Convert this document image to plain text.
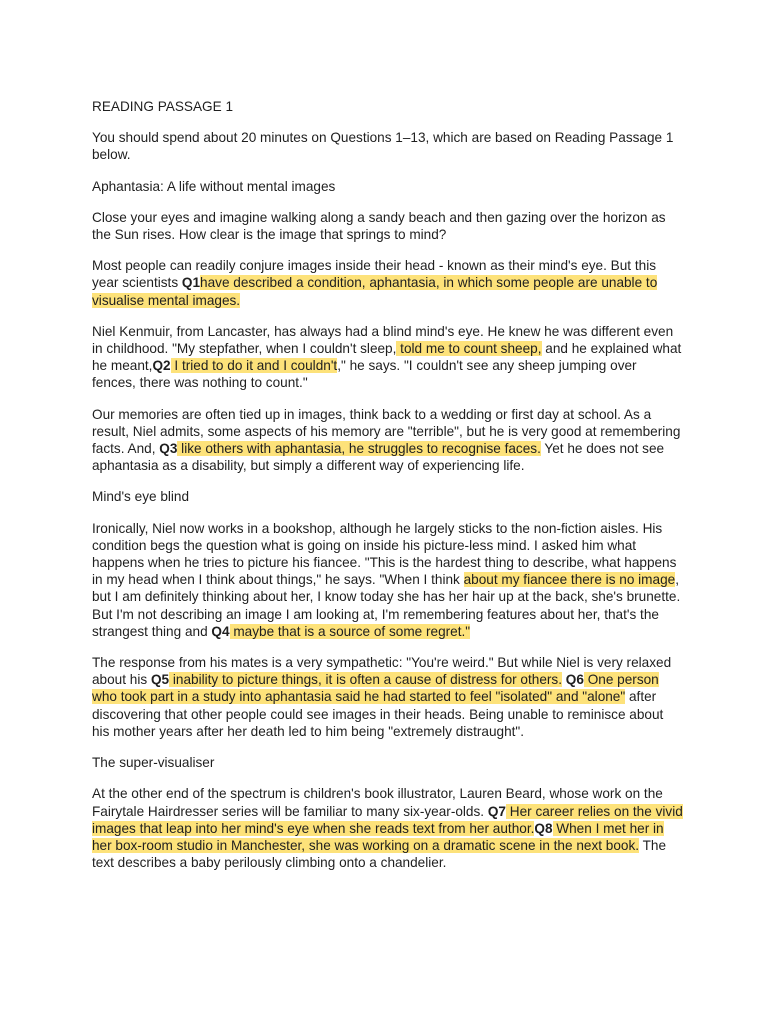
READING PASSAGE 1

You should spend about 20 minutes on Questions 1–13, which are based on Reading Passage 1 below.

Aphantasia: A life without mental images

Close your eyes and imagine walking along a sandy beach and then gazing over the horizon as the Sun rises. How clear is the image that springs to mind?

Most people can readily conjure images inside their head - known as their mind's eye. But this year scientists Q1have described a condition, aphantasia, in which some people are unable to visualise mental images.

Niel Kenmuir, from Lancaster, has always had a blind mind's eye. He knew he was different even in childhood. "My stepfather, when I couldn't sleep, told me to count sheep, and he explained what he meant,Q2 I tried to do it and I couldn't," he says. "I couldn't see any sheep jumping over fences, there was nothing to count."

Our memories are often tied up in images, think back to a wedding or first day at school. As a result, Niel admits, some aspects of his memory are "terrible", but he is very good at remembering facts. And, Q3 like others with aphantasia, he struggles to recognise faces. Yet he does not see aphantasia as a disability, but simply a different way of experiencing life.

Mind's eye blind

Ironically, Niel now works in a bookshop, although he largely sticks to the non-fiction aisles. His condition begs the question what is going on inside his picture-less mind. I asked him what happens when he tries to picture his fiancee. "This is the hardest thing to describe, what happens in my head when I think about things," he says. "When I think about my fiancee there is no image, but I am definitely thinking about her, I know today she has her hair up at the back, she's brunette. But I'm not describing an image I am looking at, I'm remembering features about her, that's the strangest thing and Q4 maybe that is a source of some regret."

The response from his mates is a very sympathetic: "You're weird." But while Niel is very relaxed about his Q5 inability to picture things, it is often a cause of distress for others. Q6 One person who took part in a study into aphantasia said he had started to feel "isolated" and "alone" after discovering that other people could see images in their heads. Being unable to reminisce about his mother years after her death led to him being "extremely distraught".

The super-visualiser

At the other end of the spectrum is children's book illustrator, Lauren Beard, whose work on the Fairytale Hairdresser series will be familiar to many six-year-olds. Q7 Her career relies on the vivid images that leap into her mind's eye when she reads text from her author.Q8 When I met her in her box-room studio in Manchester, she was working on a dramatic scene in the next book. The text describes a baby perilously climbing onto a chandelier.
